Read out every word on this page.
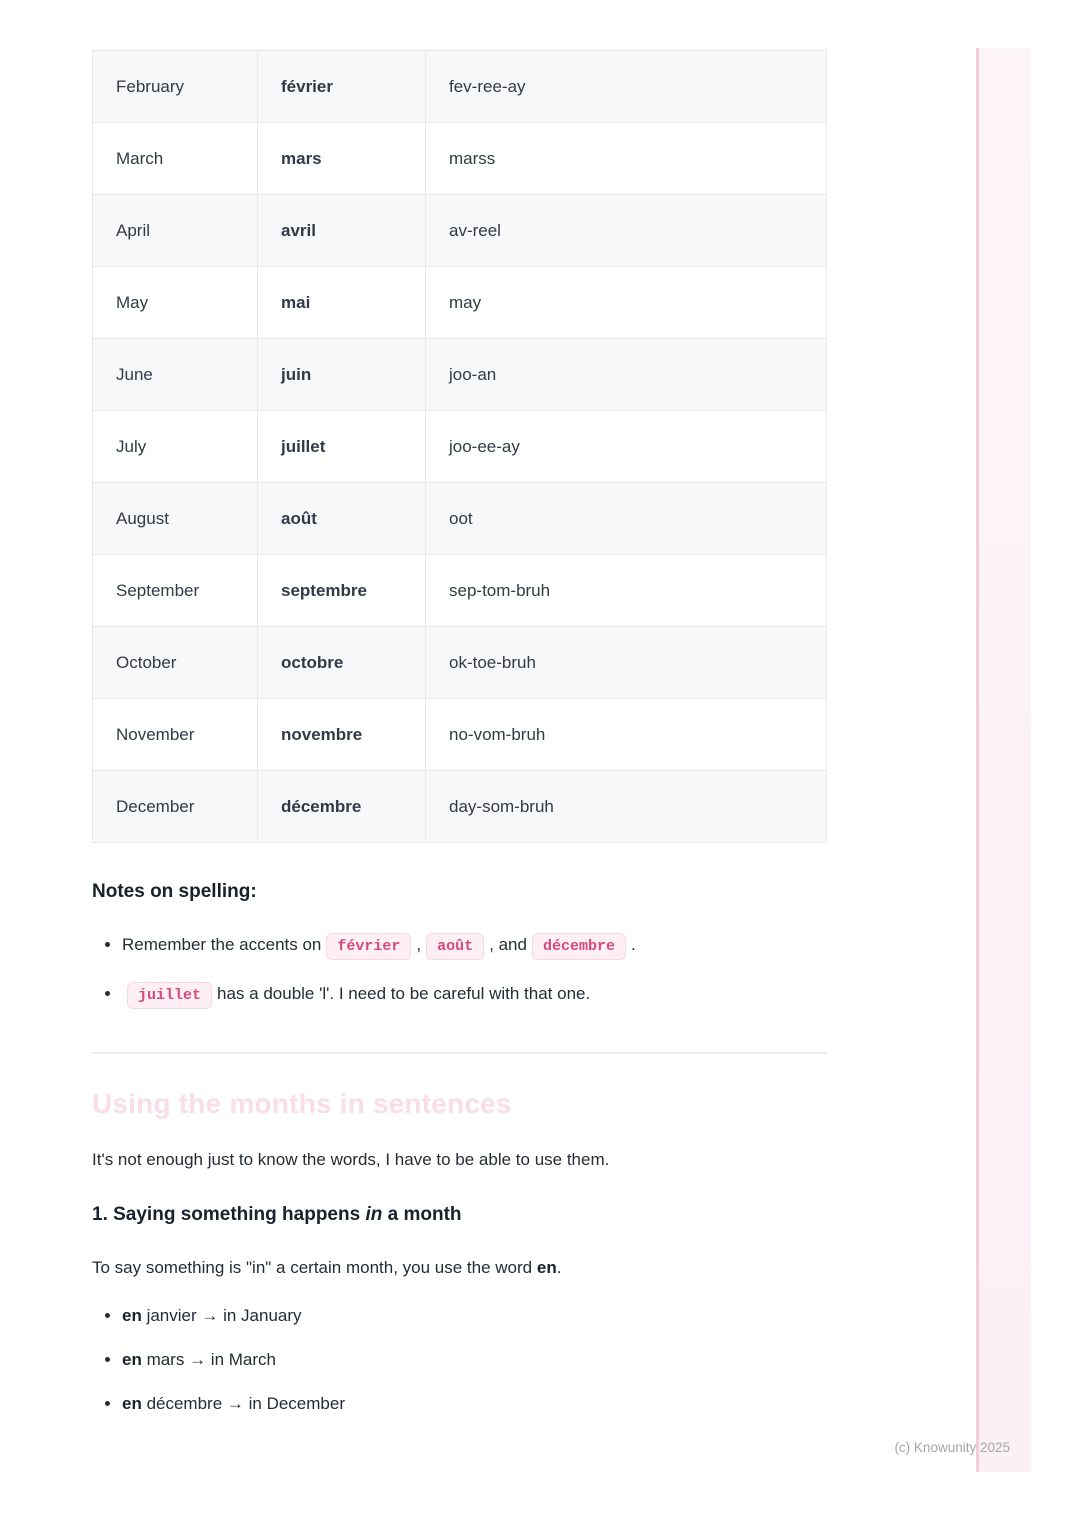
February	février	fev-ree-ay
March	mars	marss
April	avril	av-reel
May	mai	may
June	juin	joo-an
July	juillet	joo-ee-ay
August	août	oot
September	septembre	sep-tom-bruh
October	octobre	ok-toe-bruh
November	novembre	no-vom-bruh
December	décembre	day-som-bruh
Notes on spelling:
• Remember the accents on février , août , and décembre .
• juillet has a double 'l'. I need to be careful with that one.
Using the months in sentences

It's not enough just to know the words, I have to be able to use them.

1. Saying something happens in a month

To say something is "in" a certain month, you use the word en.

• en janvier → in January
• en mars → in March
• en décembre → in December
(c) Knowunity 2025
